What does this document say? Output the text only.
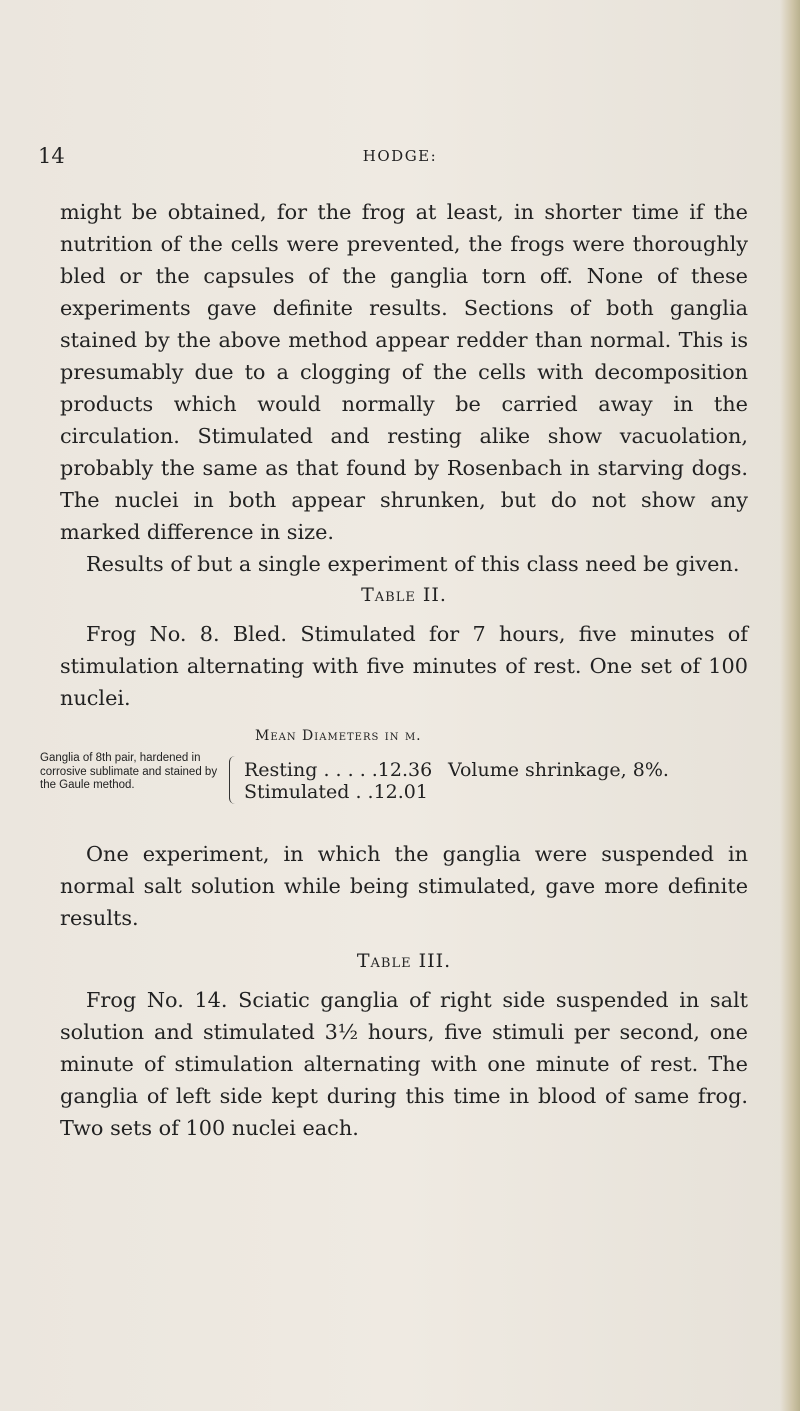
14	HODGE:

might be obtained, for the frog at least, in shorter time if the nutrition of the cells were prevented, the frogs were thoroughly bled or the capsules of the ganglia torn off. None of these experiments gave definite results. Sections of both ganglia stained by the above method appear redder than normal. This is presumably due to a clogging of the cells with decomposition products which would normally be carried away in the circulation. Stimulated and resting alike show vacuolation, probably the same as that found by Rosenbach in starving dogs. The nuclei in both appear shrunken, but do not show any marked difference in size.

Results of but a single experiment of this class need be given.

Table II.

Frog No. 8. Bled. Stimulated for 7 hours, five minutes of stimulation alternating with five minutes of rest. One set of 100 nuclei.

Mean Diameters in μ.
Ganglia of 8th pair, hardened in corrosive sublimate and stained by the Gaule method.
Resting . . . . .12.36
Stimulated . .12.01
Volume shrinkage, 8%.

One experiment, in which the ganglia were suspended in normal salt solution while being stimulated, gave more definite results.

Table III.

Frog No. 14. Sciatic ganglia of right side suspended in salt solution and stimulated 3½ hours, five stimuli per second, one minute of stimulation alternating with one minute of rest. The ganglia of left side kept during this time in blood of same frog. Two sets of 100 nuclei each.
